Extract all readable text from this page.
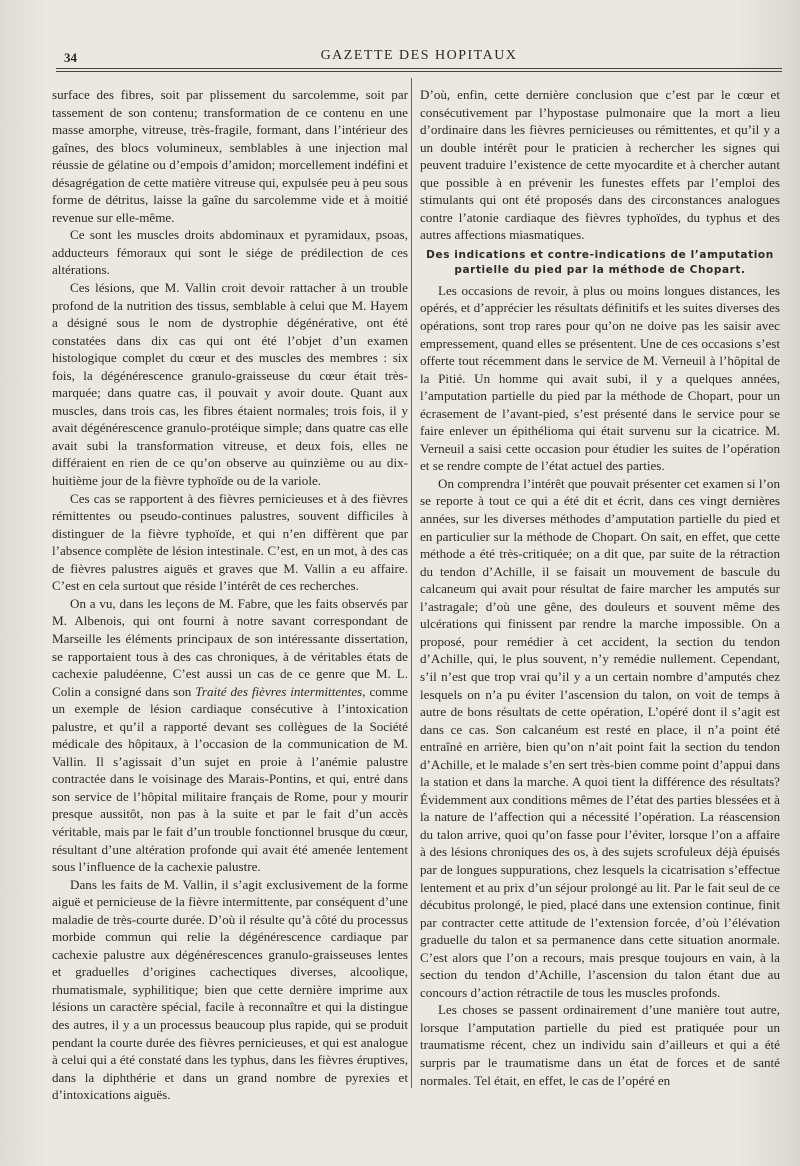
34	GAZETTE DES HOPITAUX

surface des fibres, soit par plissement du sarcolemme, soit par tassement de son contenu; transformation de ce contenu en une masse amorphe, vitreuse, très-fragile, formant, dans l’intérieur des gaînes, des blocs volumineux, semblables à une injection mal réussie de gélatine ou d’empois d’amidon; morcellement indéfini et désagrégation de cette matière vitreuse qui, expulsée peu à peu sous forme de détritus, laisse la gaîne du sarcolemme vide et à moitié revenue sur elle-même.

Ce sont les muscles droits abdominaux et pyramidaux, psoas, adducteurs fémoraux qui sont le siége de prédilection de ces altérations.

Ces lésions, que M. Vallin croit devoir rattacher à un trouble profond de la nutrition des tissus, semblable à celui que M. Hayem a désigné sous le nom de dystrophie dégénérative, ont été constatées dans dix cas qui ont été l’objet d’un examen histologique complet du cœur et des muscles des membres : six fois, la dégénérescence granulo-graisseuse du cœur était très-marquée; dans quatre cas, il pouvait y avoir doute. Quant aux muscles, dans trois cas, les fibres étaient normales; trois fois, il y avait dégénérescence granulo-protéique simple; dans quatre cas elle avait subi la transformation vitreuse, et deux fois, elles ne différaient en rien de ce qu’on observe au quinzième ou au dix-huitième jour de la fièvre typhoïde ou de la variole.

Ces cas se rapportent à des fièvres pernicieuses et à des fièvres rémittentes ou pseudo-continues palustres, souvent difficiles à distinguer de la fièvre typhoïde, et qui n’en diffèrent que par l’absence complète de lésion intestinale. C’est, en un mot, à des cas de fièvres palustres aiguës et graves que M. Vallin a eu affaire. C’est en cela surtout que réside l’intérêt de ces recherches.

On a vu, dans les leçons de M. Fabre, que les faits observés par M. Albenois, qui ont fourni à notre savant correspondant de Marseille les éléments principaux de son intéressante dissertation, se rapportaient tous à des cas chroniques, à de véritables états de cachexie paludéenne, C’est aussi un cas de ce genre que M. L. Colin a consigné dans son Traité des fièvres intermittentes, comme un exemple de lésion cardiaque consécutive à l’intoxication palustre, et qu’il a rapporté devant ses collègues de la Société médicale des hôpitaux, à l’occasion de la communication de M. Vallin. Il s’agissait d’un sujet en proie à l’anémie palustre contractée dans le voisinage des Marais-Pontins, et qui, entré dans son service de l’hôpital militaire français de Rome, pour y mourir presque aussitôt, non pas à la suite et par le fait d’un accès véritable, mais par le fait d’un trouble fonctionnel brusque du cœur, résultant d’une altération profonde qui avait été amenée lentement sous l’influence de la cachexie palustre.

Dans les faits de M. Vallin, il s’agit exclusivement de la forme aiguë et pernicieuse de la fièvre intermittente, par conséquent d’une maladie de très-courte durée. D’où il résulte qu’à côté du processus morbide commun qui relie la dégénérescence cardiaque par cachexie palustre aux dégénérescences granulo-graisseuses lentes et graduelles d’origines cachectiques diverses, alcoolique, rhumatismale, syphilitique; bien que cette dernière imprime aux lésions un caractère spécial, facile à reconnaître et qui la distingue des autres, il y a un processus beaucoup plus rapide, qui se produit pendant la courte durée des fièvres pernicieuses, et qui est analogue à celui qui a été constaté dans les typhus, dans les fièvres éruptives, dans la diphthérie et dans un grand nombre de pyrexies et d’intoxications aiguës.

D’où, enfin, cette dernière conclusion que c’est par le cœur et consécutivement par l’hypostase pulmonaire que la mort a lieu d’ordinaire dans les fièvres pernicieuses ou rémittentes, et qu’il y a un double intérêt pour le praticien à rechercher les signes qui peuvent traduire l’existence de cette myocardite et à chercher autant que possible à en prévenir les funestes effets par l’emploi des stimulants qui ont été proposés dans des circonstances analogues contre l’atonie cardiaque des fièvres typhoïdes, du typhus et des autres affections miasmatiques.

Des indications et contre-indications de l’amputation partielle du pied par la méthode de Chopart.

Les occasions de revoir, à plus ou moins longues distances, les opérés, et d’apprécier les résultats définitifs et les suites diverses des opérations, sont trop rares pour qu’on ne doive pas les saisir avec empressement, quand elles se présentent. Une de ces occasions s’est offerte tout récemment dans le service de M. Verneuil à l’hôpital de la Pitié. Un homme qui avait subi, il y a quelques années, l’amputation partielle du pied par la méthode de Chopart, pour un écrasement de l’avant-pied, s’est présenté dans le service pour se faire enlever un épithélioma qui était survenu sur la cicatrice. M. Verneuil a saisi cette occasion pour étudier les suites de l’opération et se rendre compte de l’état actuel des parties.

On comprendra l’intérêt que pouvait présenter cet examen si l’on se reporte à tout ce qui a été dit et écrit, dans ces vingt dernières années, sur les diverses méthodes d’amputation partielle du pied et en particulier sur la méthode de Chopart. On sait, en effet, que cette méthode a été très-critiquée; on a dit que, par suite de la rétraction du tendon d’Achille, il se faisait un mouvement de bascule du calcaneum qui avait pour résultat de faire marcher les amputés sur l’astragale; d’où une gêne, des douleurs et souvent même des ulcérations qui finissent par rendre la marche impossible. On a proposé, pour remédier à cet accident, la section du tendon d’Achille, qui, le plus souvent, n’y remédie nullement. Cependant, s’il n’est que trop vrai qu’il y a un certain nombre d’amputés chez lesquels on n’a pu éviter l’ascension du talon, on voit de temps à autre de bons résultats de cette opération, L’opéré dont il s’agit est dans ce cas. Son calcanéum est resté en place, il n’a point été entraîné en arrière, bien qu’on n’ait point fait la section du tendon d’Achille, et le malade s’en sert très-bien comme point d’appui dans la station et dans la marche. A quoi tient la différence des résultats? Évidemment aux conditions mêmes de l’état des parties blessées et à la nature de l’affection qui a nécessité l’opération. La réascension du talon arrive, quoi qu’on fasse pour l’éviter, lorsque l’on a affaire à des lésions chroniques des os, à des sujets scrofuleux déjà épuisés par de longues suppurations, chez lesquels la cicatrisation s’effectue lentement et au prix d’un séjour prolongé au lit. Par le fait seul de ce décubitus prolongé, le pied, placé dans une extension continue, finit par contracter cette attitude de l’extension forcée, d’où l’élévation graduelle du talon et sa permanence dans cette situation anormale. C’est alors que l’on a recours, mais presque toujours en vain, à la section du tendon d’Achille, l’ascension du talon étant due au concours d’action rétractile de tous les muscles profonds.

Les choses se passent ordinairement d’une manière tout autre, lorsque l’amputation partielle du pied est pratiquée pour un traumatisme récent, chez un individu sain d’ailleurs et qui a été surpris par le traumatisme dans un état de forces et de santé normales. Tel était, en effet, le cas de l’opéré en
